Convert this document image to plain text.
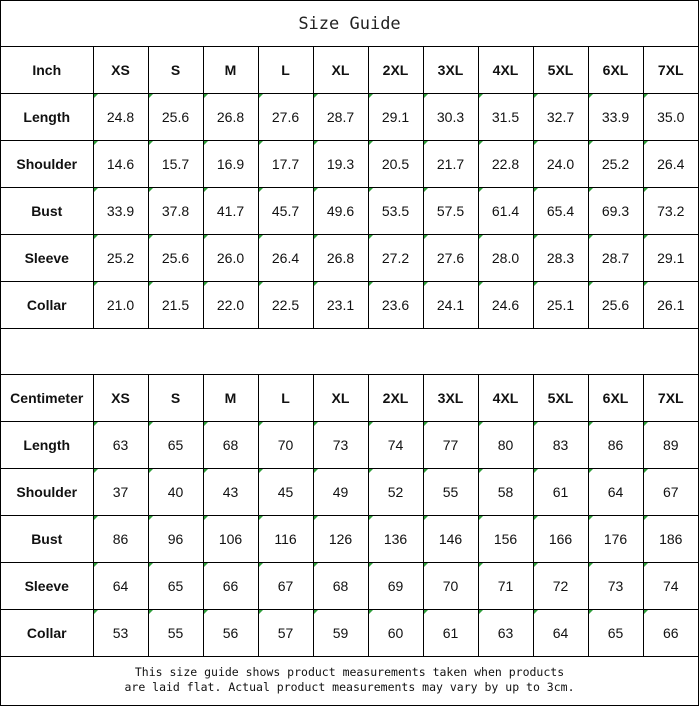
Size Guide
Inch	XS	S	M	L	XL	2XL	3XL	4XL	5XL	6XL	7XL
Length	24.8	25.6	26.8	27.6	28.7	29.1	30.3	31.5	32.7	33.9	35.0
Shoulder	14.6	15.7	16.9	17.7	19.3	20.5	21.7	22.8	24.0	25.2	26.4
Bust	33.9	37.8	41.7	45.7	49.6	53.5	57.5	61.4	65.4	69.3	73.2
Sleeve	25.2	25.6	26.0	26.4	26.8	27.2	27.6	28.0	28.3	28.7	29.1
Collar	21.0	21.5	22.0	22.5	23.1	23.6	24.1	24.6	25.1	25.6	26.1
Centimeter	XS	S	M	L	XL	2XL	3XL	4XL	5XL	6XL	7XL
Length	63	65	68	70	73	74	77	80	83	86	89
Shoulder	37	40	43	45	49	52	55	58	61	64	67
Bust	86	96	106	116	126	136	146	156	166	176	186
Sleeve	64	65	66	67	68	69	70	71	72	73	74
Collar	53	55	56	57	59	60	61	63	64	65	66
This size guide shows product measurements taken when products
are laid flat. Actual product measurements may vary by up to 3cm.
